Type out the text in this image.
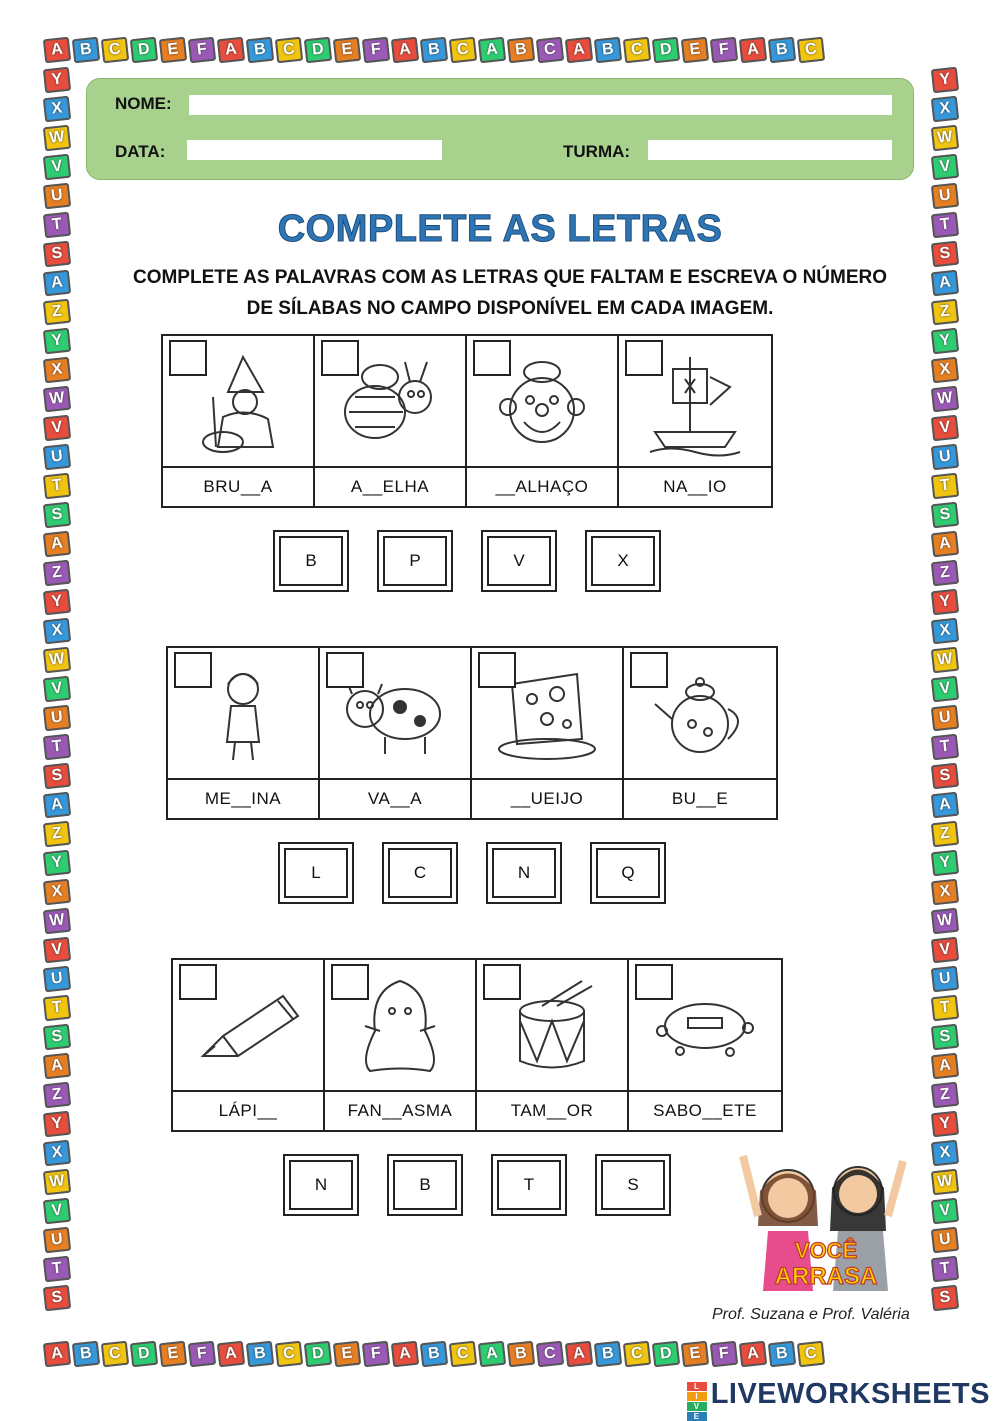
A B C D	E	F	A B C D	E	F	A B C A B C A B C D	E	F	A B C
A B C D	E	F	A B C D	E	F	A B C A B C A B C D	E	F	A B C
Y
X
W
V
U
T
S
A
Z
Y
X
W
V
U
T
S
A
Z
Y
X
W
V
U
T
S
A
Z
Y
X
W
V
U
T
S
A
Z
Y
X
W
V
U
T
S
Y
X
W
V
U
T
S
A
Z
Y
X
W
V
U
T
S
A
Z
Y
X
W
V
U
T
S
A
Z
Y
X
W
V
U
T
S
A
Z
Y
X
W
V
U
T
S
NOME:
DATA:	TURMA:
COMPLETE AS LETRAS
COMPLETE AS PALAVRAS COM AS LETRAS QUE FALTAM E ESCREVA O NÚMERO
DE SÍLABAS NO CAMPO DISPONÍVEL EM CADA IMAGEM.
BRU__A	A__ELHA	__ALHAÇO	NA__IO
B	P	V	X
ME__INA	VA__A	__UEIJO	BU__E
L	C	N	Q
LÁPI__	FAN__ASMA	TAM__OR	SABO__ETE
N	B	T	S
VOCÊ
ARRASA
Prof. Suzana e Prof. Valéria
L
I
V
E
LIVEWORKSHEETS
